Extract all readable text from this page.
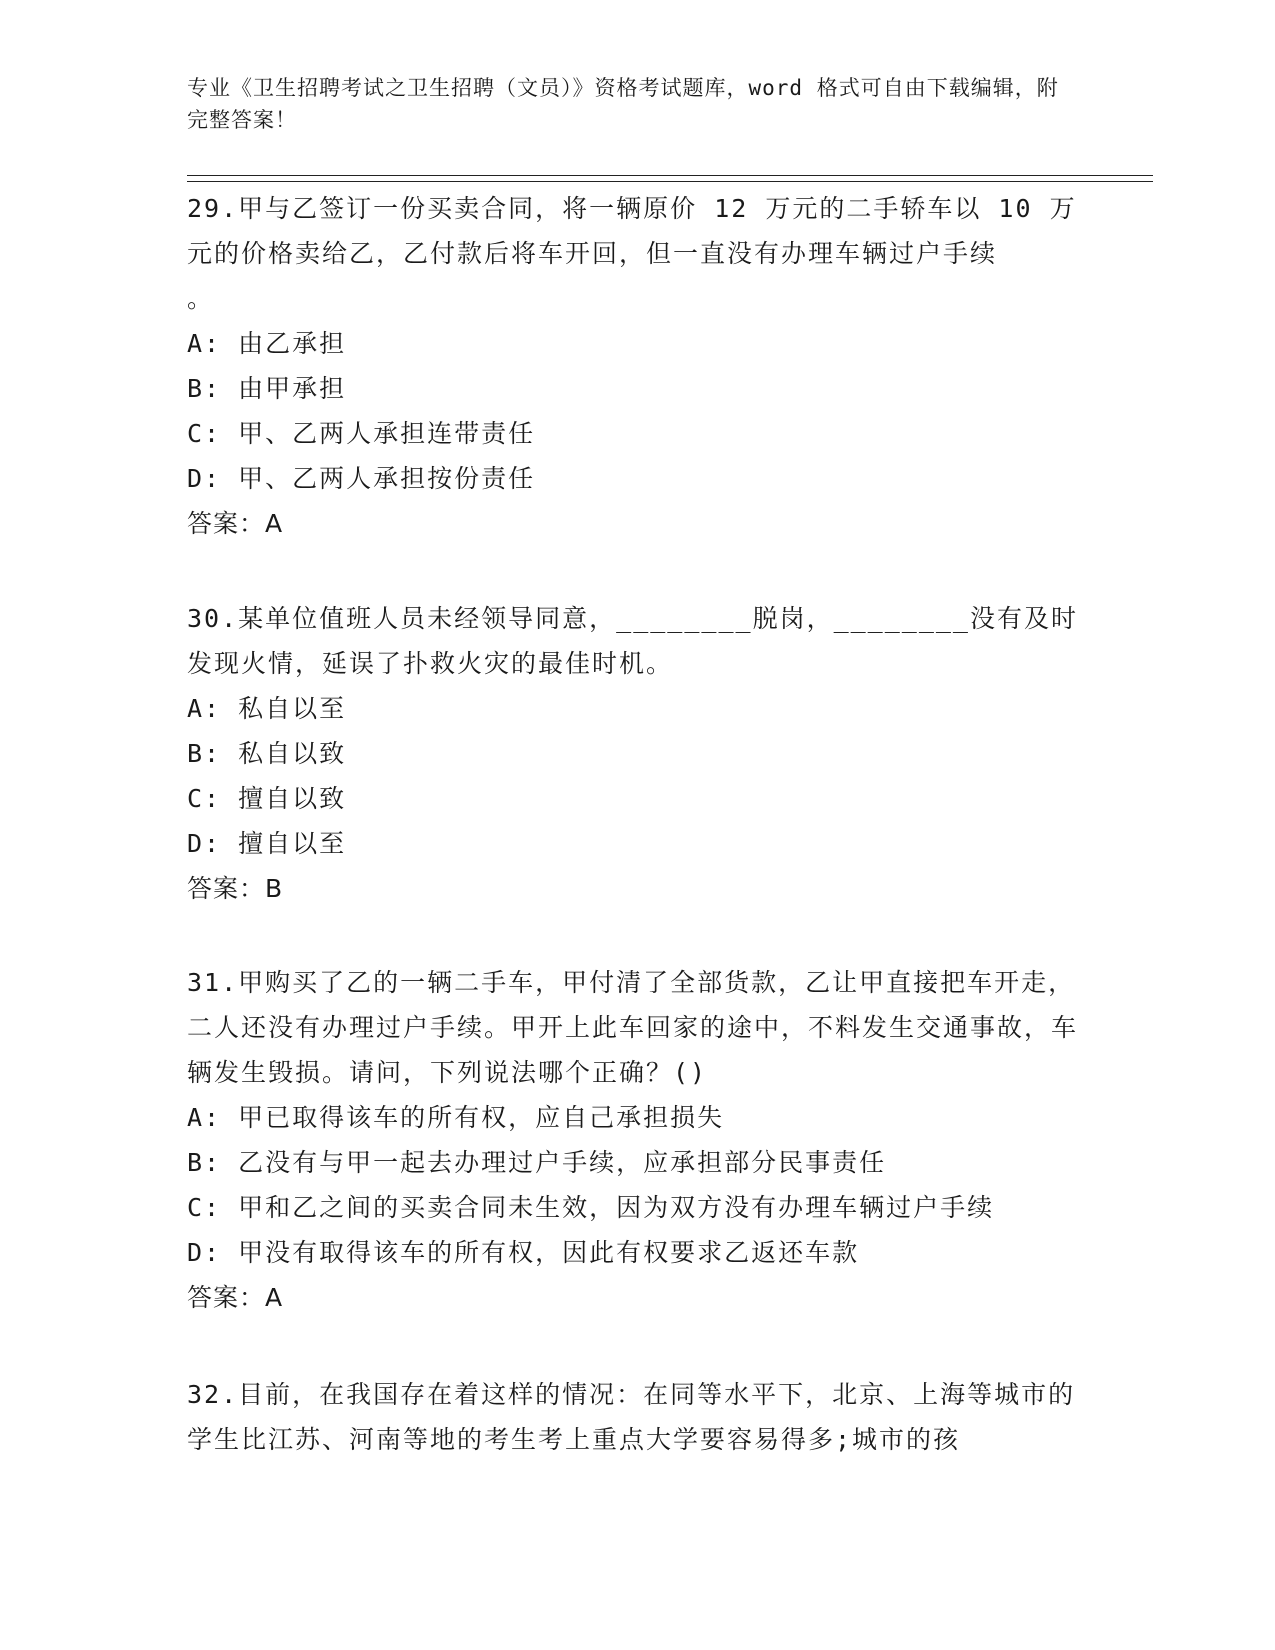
专业《卫生招聘考试之卫生招聘（文员）》资格考试题库，word 格式可自由下载编辑，附完整答案！

29.甲与乙签订一份买卖合同，将一辆原价 12 万元的二手轿车以 10 万元的价格卖给乙，乙付款后将车开回，但一直没有办理车辆过户手续
。

A: 由乙承担
B: 由甲承担
C: 甲、乙两人承担连带责任
D: 甲、乙两人承担按份责任

答案：A

30.某单位值班人员未经领导同意，________脱岗，________没有及时发现火情，延误了扑救火灾的最佳时机。

A: 私自以至
B: 私自以致
C: 擅自以致
D: 擅自以至

答案：B

31.甲购买了乙的一辆二手车，甲付清了全部货款，乙让甲直接把车开走，二人还没有办理过户手续。甲开上此车回家的途中，不料发生交通事故，车辆发生毁损。请问，下列说法哪个正确？()

A: 甲已取得该车的所有权，应自己承担损失
B: 乙没有与甲一起去办理过户手续，应承担部分民事责任
C: 甲和乙之间的买卖合同未生效，因为双方没有办理车辆过户手续
D: 甲没有取得该车的所有权，因此有权要求乙返还车款

答案：A

32.目前，在我国存在着这样的情况：在同等水平下，北京、上海等城市的学生比江苏、河南等地的考生考上重点大学要容易得多;城市的孩
